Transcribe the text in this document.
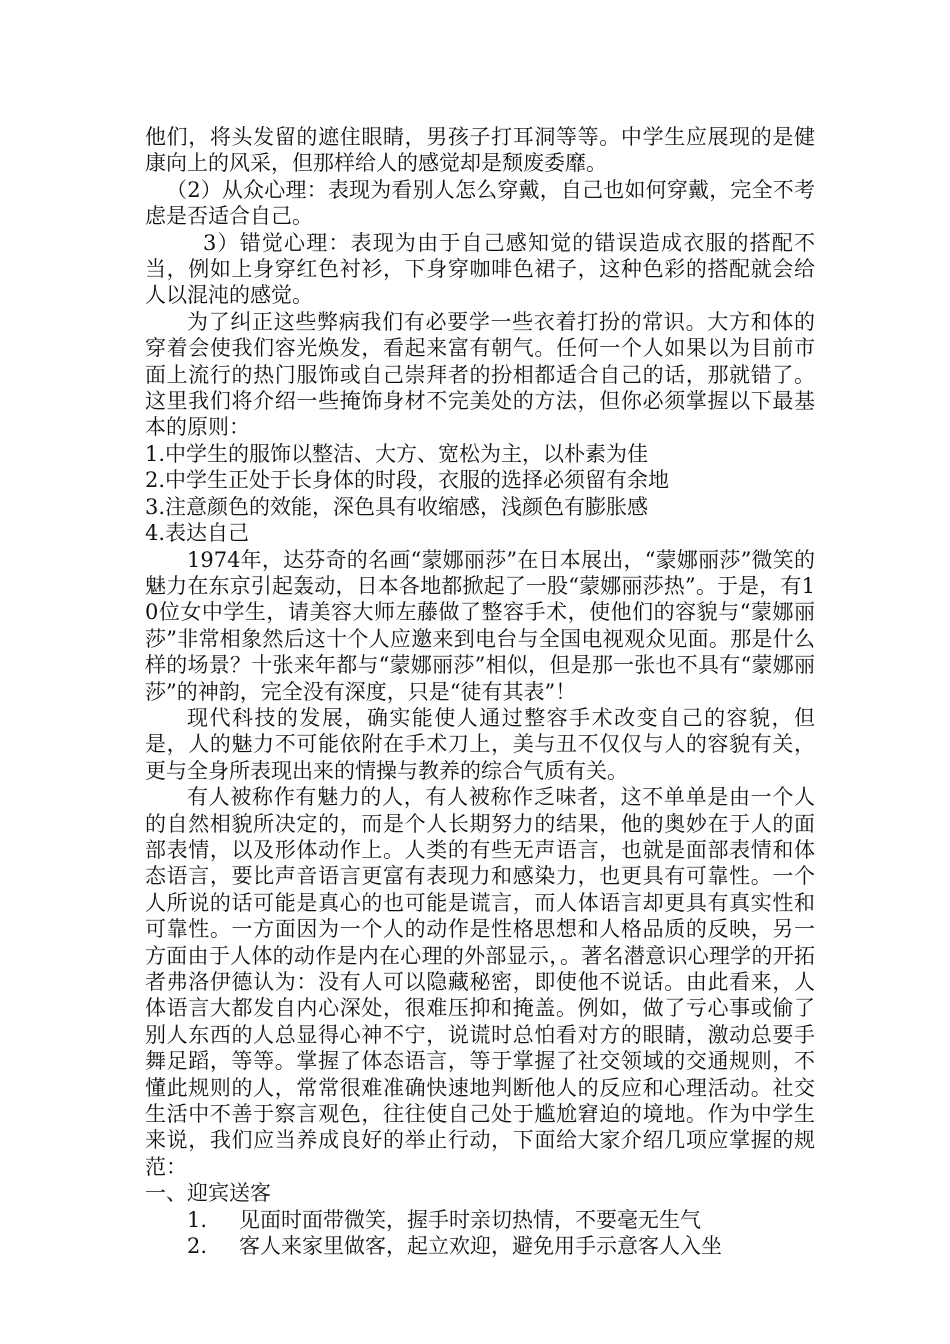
他们，将头发留的遮住眼睛，男孩子打耳洞等等。中学生应展现的是健康向上的风采，但那样给人的感觉却是颓废委靡。

（2）从众心理：表现为看别人怎么穿戴，自己也如何穿戴，完全不考虑是否适合自己。

3）错觉心理：表现为由于自己感知觉的错误造成衣服的搭配不当，例如上身穿红色衬衫，下身穿咖啡色裙子，这种色彩的搭配就会给人以混沌的感觉。

为了纠正这些弊病我们有必要学一些衣着打扮的常识。大方和体的穿着会使我们容光焕发，看起来富有朝气。任何一个人如果以为目前市面上流行的热门服饰或自己崇拜者的扮相都适合自己的话，那就错了。这里我们将介绍一些掩饰身材不完美处的方法，但你必须掌握以下最基本的原则：

1.中学生的服饰以整洁、大方、宽松为主，以朴素为佳

2.中学生正处于长身体的时段，衣服的选择必须留有余地

3.注意颜色的效能，深色具有收缩感，浅颜色有膨胀感

4.表达自己

1974年，达芬奇的名画“蒙娜丽莎”在日本展出，“蒙娜丽莎”微笑的魅力在东京引起轰动，日本各地都掀起了一股“蒙娜丽莎热”。于是，有10位女中学生，请美容大师左藤做了整容手术，使他们的容貌与“蒙娜丽莎”非常相象然后这十个人应邀来到电台与全国电视观众见面。那是什么样的场景？十张来年都与“蒙娜丽莎”相似，但是那一张也不具有“蒙娜丽莎”的神韵，完全没有深度，只是“徒有其表”！

现代科技的发展，确实能使人通过整容手术改变自己的容貌，但是，人的魅力不可能依附在手术刀上，美与丑不仅仅与人的容貌有关，更与全身所表现出来的情操与教养的综合气质有关。

有人被称作有魅力的人，有人被称作乏味者，这不单单是由一个人的自然相貌所决定的，而是个人长期努力的结果，他的奥妙在于人的面部表情，以及形体动作上。人类的有些无声语言，也就是面部表情和体态语言，要比声音语言更富有表现力和感染力，也更具有可靠性。一个人所说的话可能是真心的也可能是谎言，而人体语言却更具有真实性和可靠性。一方面因为一个人的动作是性格思想和人格品质的反映，另一方面由于人体的动作是内在心理的外部显示，。著名潜意识心理学的开拓者弗洛伊德认为：没有人可以隐藏秘密，即使他不说话。由此看来，人体语言大都发自内心深处，很难压抑和掩盖。例如，做了亏心事或偷了别人东西的人总显得心神不宁，说谎时总怕看对方的眼睛，激动总要手舞足蹈，等等。掌握了体态语言，等于掌握了社交领域的交通规则，不懂此规则的人，常常很难准确快速地判断他人的反应和心理活动。社交生活中不善于察言观色，往往使自己处于尴尬窘迫的境地。作为中学生来说，我们应当养成良好的举止行动，下面给大家介绍几项应掌握的规范：

一、迎宾送客

1.	见面时面带微笑，握手时亲切热情，不要毫无生气
2.	客人来家里做客，起立欢迎，避免用手示意客人入坐
